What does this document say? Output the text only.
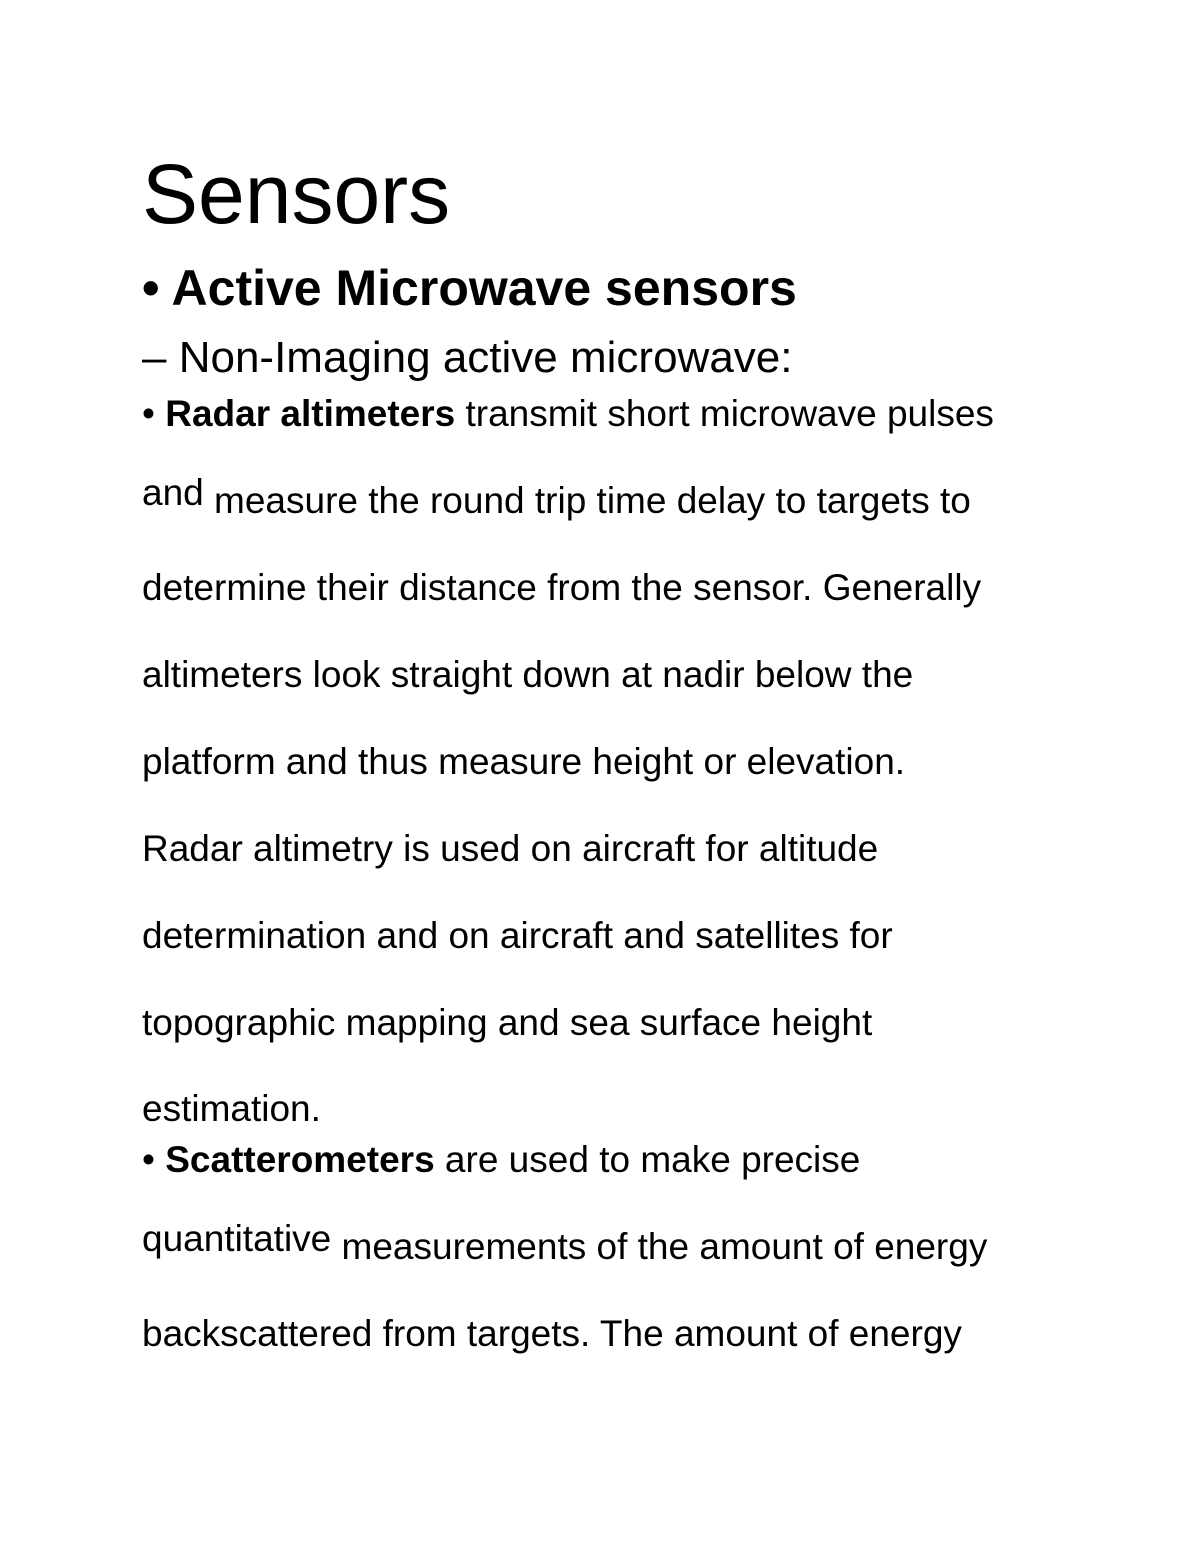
Sensors
• Active Microwave sensors
– Non-Imaging active microwave:
• Radar altimeters transmit short microwave pulses
and measure the round trip time delay to targets to
determine their distance from the sensor. Generally
altimeters look straight down at nadir below the
platform and thus measure height or elevation.
Radar altimetry is used on aircraft for altitude
determination and on aircraft and satellites for
topographic mapping and sea surface height
estimation.
• Scatterometers are used to make precise
quantitative measurements of the amount of energy
backscattered from targets. The amount of energy
